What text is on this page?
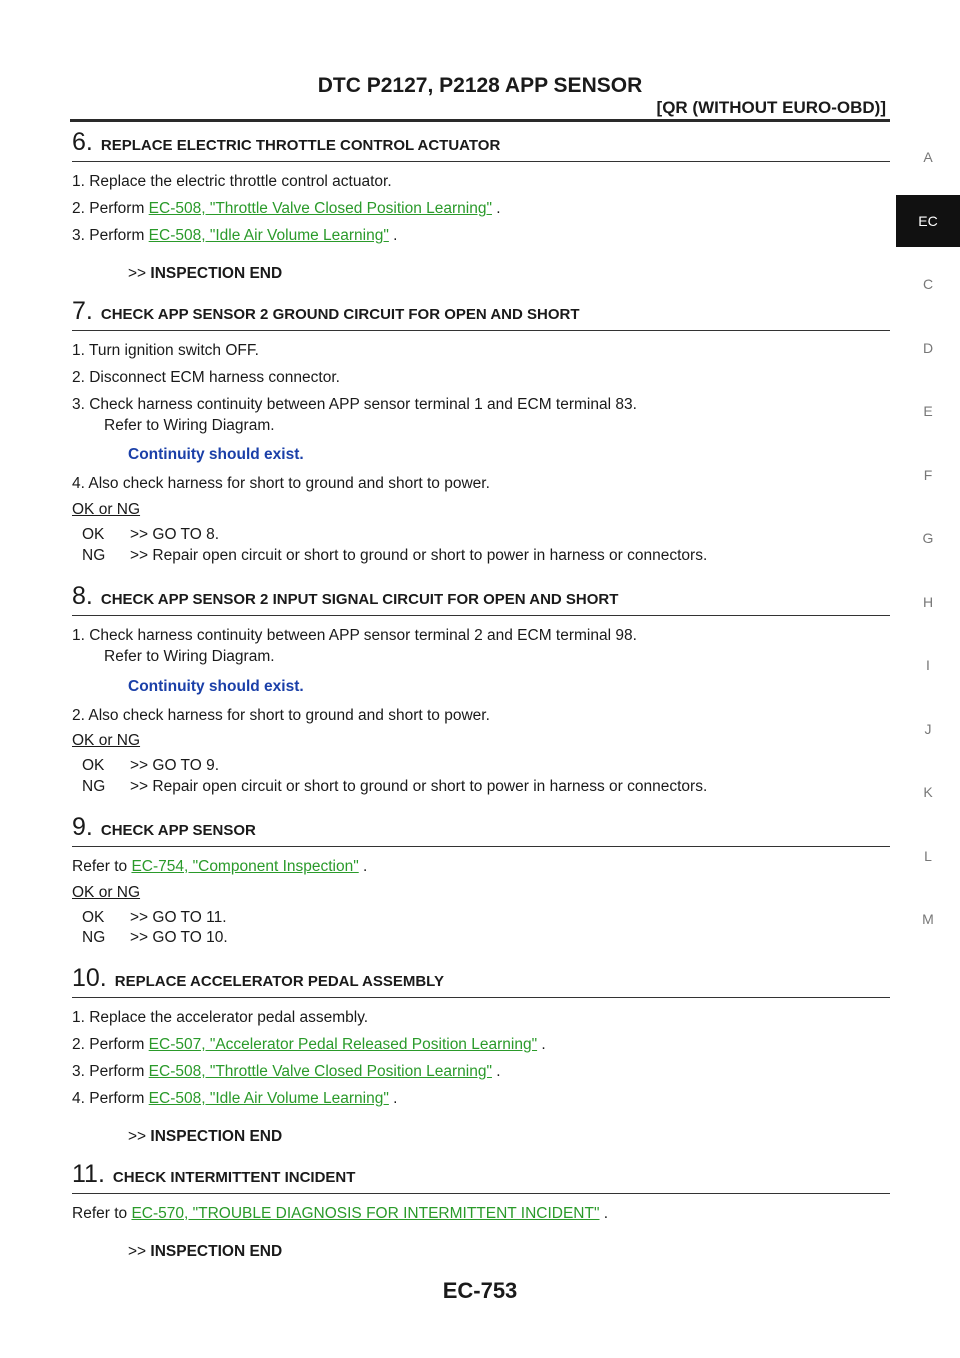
DTC P2127, P2128 APP SENSOR
[QR (WITHOUT EURO-OBD)]
A
EC
C
D
E
F
G
H
I
J
K
L
M
6. REPLACE ELECTRIC THROTTLE CONTROL ACTUATOR
1. Replace the electric throttle control actuator.
2. Perform EC-508, "Throttle Valve Closed Position Learning" .
3. Perform EC-508, "Idle Air Volume Learning" .
>> INSPECTION END
7. CHECK APP SENSOR 2 GROUND CIRCUIT FOR OPEN AND SHORT
1. Turn ignition switch OFF.
2. Disconnect ECM harness connector.
3. Check harness continuity between APP sensor terminal 1 and ECM terminal 83.
Refer to Wiring Diagram.
Continuity should exist.
4. Also check harness for short to ground and short to power.
OK or NG
OK >> GO TO 8.
NG >> Repair open circuit or short to ground or short to power in harness or connectors.
8. CHECK APP SENSOR 2 INPUT SIGNAL CIRCUIT FOR OPEN AND SHORT
1. Check harness continuity between APP sensor terminal 2 and ECM terminal 98.
Refer to Wiring Diagram.
Continuity should exist.
2. Also check harness for short to ground and short to power.
OK or NG
OK >> GO TO 9.
NG >> Repair open circuit or short to ground or short to power in harness or connectors.
9. CHECK APP SENSOR
Refer to EC-754, "Component Inspection" .
OK or NG
OK >> GO TO 11.
NG >> GO TO 10.
10. REPLACE ACCELERATOR PEDAL ASSEMBLY
1. Replace the accelerator pedal assembly.
2. Perform EC-507, "Accelerator Pedal Released Position Learning" .
3. Perform EC-508, "Throttle Valve Closed Position Learning" .
4. Perform EC-508, "Idle Air Volume Learning" .
>> INSPECTION END
11. CHECK INTERMITTENT INCIDENT
Refer to EC-570, "TROUBLE DIAGNOSIS FOR INTERMITTENT INCIDENT" .
>> INSPECTION END
EC-753
